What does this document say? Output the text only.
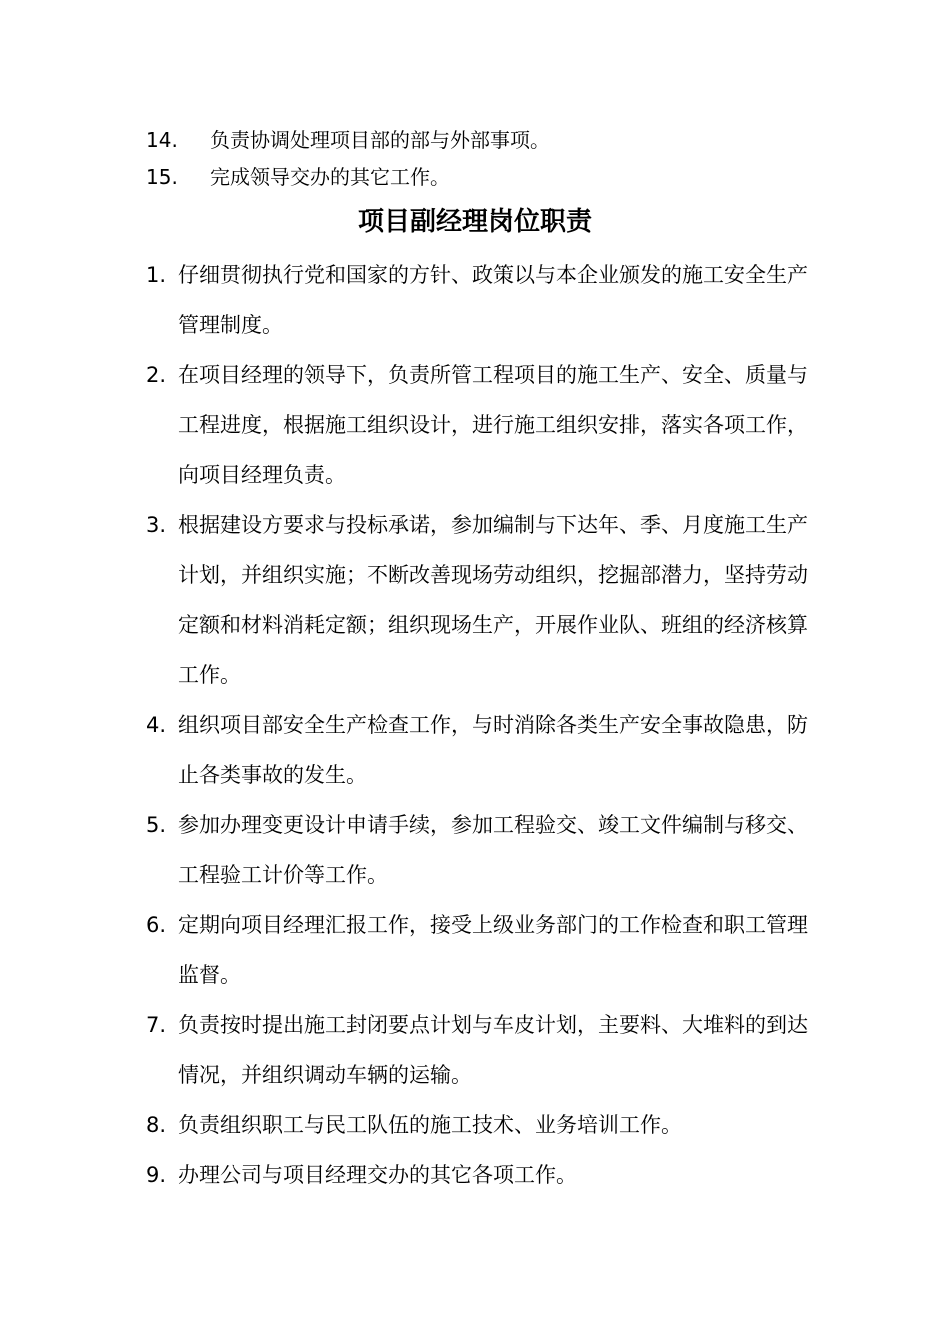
14. 负责协调处理项目部的部与外部事项。
15. 完成领导交办的其它工作。
项目副经理岗位职责
1. 仔细贯彻执行党和国家的方针、政策以与本企业颁发的施工安全生产管理制度。
2. 在项目经理的领导下，负责所管工程项目的施工生产、安全、质量与工程进度，根据施工组织设计，进行施工组织安排，落实各项工作，向项目经理负责。
3. 根据建设方要求与投标承诺，参加编制与下达年、季、月度施工生产计划，并组织实施；不断改善现场劳动组织，挖掘部潜力，坚持劳动定额和材料消耗定额；组织现场生产，开展作业队、班组的经济核算工作。
4. 组织项目部安全生产检查工作，与时消除各类生产安全事故隐患，防止各类事故的发生。
5. 参加办理变更设计申请手续，参加工程验交、竣工文件编制与移交、工程验工计价等工作。
6. 定期向项目经理汇报工作，接受上级业务部门的工作检查和职工管理监督。
7. 负责按时提出施工封闭要点计划与车皮计划，主要料、大堆料的到达情况，并组织调动车辆的运输。
8. 负责组织职工与民工队伍的施工技术、业务培训工作。
9. 办理公司与项目经理交办的其它各项工作。
